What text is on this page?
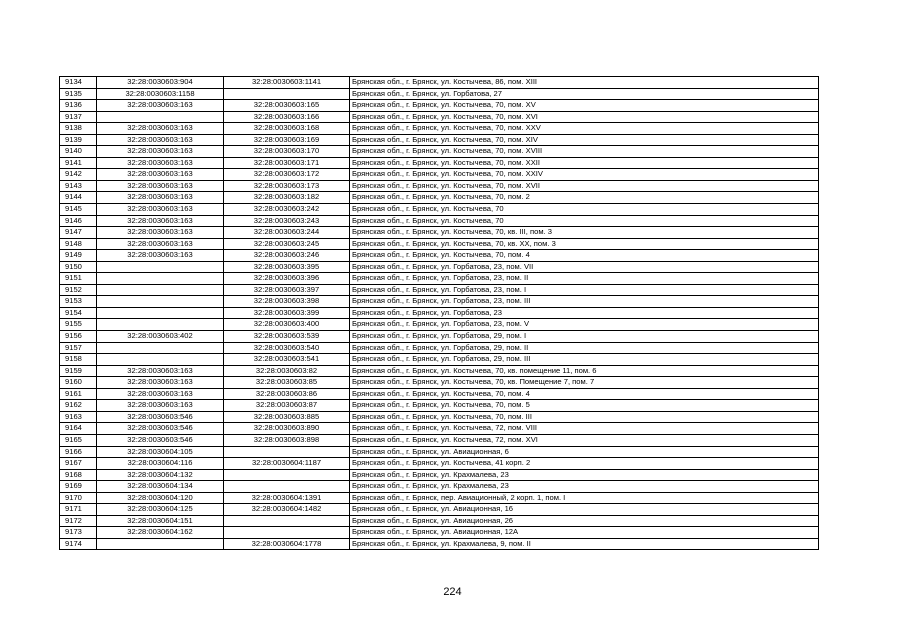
9134	32:28:0030603:904	32:28:0030603:1141	Брянская обл., г. Брянск, ул. Костычева, 86, пом. XIII
9135	32:28:0030603:1158		Брянская обл., г. Брянск, ул. Горбатова, 27
9136	32:28:0030603:163	32:28:0030603:165	Брянская обл., г. Брянск, ул. Костычева, 70, пом. XV
9137		32:28:0030603:166	Брянская обл., г. Брянск, ул. Костычева, 70, пом. XVI
9138	32:28:0030603:163	32:28:0030603:168	Брянская обл., г. Брянск, ул. Костычева, 70, пом. XXV
9139	32:28:0030603:163	32:28:0030603:169	Брянская обл., г. Брянск, ул. Костычева, 70, пом. XIV
9140	32:28:0030603:163	32:28:0030603:170	Брянская обл., г. Брянск, ул. Костычева, 70, пом. XVIII
9141	32:28:0030603:163	32:28:0030603:171	Брянская обл., г. Брянск, ул. Костычева, 70, пом. XXII
9142	32:28:0030603:163	32:28:0030603:172	Брянская обл., г. Брянск, ул. Костычева, 70, пом. XXIV
9143	32:28:0030603:163	32:28:0030603:173	Брянская обл., г. Брянск, ул. Костычева, 70, пом. XVII
9144	32:28:0030603:163	32:28:0030603:182	Брянская обл., г. Брянск, ул. Костычева, 70, пом. 2
9145	32:28:0030603:163	32:28:0030603:242	Брянская обл., г. Брянск, ул. Костычева, 70
9146	32:28:0030603:163	32:28:0030603:243	Брянская обл., г. Брянск, ул. Костычева, 70
9147	32:28:0030603:163	32:28:0030603:244	Брянская обл., г. Брянск, ул. Костычева, 70, кв. III, пом. 3
9148	32:28:0030603:163	32:28:0030603:245	Брянская обл., г. Брянск, ул. Костычева, 70, кв. XX, пом. 3
9149	32:28:0030603:163	32:28:0030603:246	Брянская обл., г. Брянск, ул. Костычева, 70, пом. 4
9150		32:28:0030603:395	Брянская обл., г. Брянск, ул. Горбатова, 23, пом. VII
9151		32:28:0030603:396	Брянская обл., г. Брянск, ул. Горбатова, 23, пом. II
9152		32:28:0030603:397	Брянская обл., г. Брянск, ул. Горбатова, 23, пом. I
9153		32:28:0030603:398	Брянская обл., г. Брянск, ул. Горбатова, 23, пом. III
9154		32:28:0030603:399	Брянская обл., г. Брянск, ул. Горбатова, 23
9155		32:28:0030603:400	Брянская обл., г. Брянск, ул. Горбатова, 23, пом. V
9156	32:28:0030603:402	32:28:0030603:539	Брянская обл., г. Брянск, ул. Горбатова, 29, пом. I
9157		32:28:0030603:540	Брянская обл., г. Брянск, ул. Горбатова, 29, пом. II
9158		32:28:0030603:541	Брянская обл., г. Брянск, ул. Горбатова, 29, пом. III
9159	32:28:0030603:163	32:28:0030603:82	Брянская обл., г. Брянск, ул. Костычева, 70, кв. помещение 11, пом. 6
9160	32:28:0030603:163	32:28:0030603:85	Брянская обл., г. Брянск, ул. Костычева, 70, кв. Помещение 7, пом. 7
9161	32:28:0030603:163	32:28:0030603:86	Брянская обл., г. Брянск, ул. Костычева, 70, пом. 4
9162	32:28:0030603:163	32:28:0030603:87	Брянская обл., г. Брянск, ул. Костычева, 70, пом. 5
9163	32:28:0030603:546	32:28:0030603:885	Брянская обл., г. Брянск, ул. Костычева, 70, пом. III
9164	32:28:0030603:546	32:28:0030603:890	Брянская обл., г. Брянск, ул. Костычева, 72, пом. VIII
9165	32:28:0030603:546	32:28:0030603:898	Брянская обл., г. Брянск, ул. Костычева, 72, пом. XVI
9166	32:28:0030604:105		Брянская обл., г. Брянск, ул. Авиационная, 6
9167	32:28:0030604:116	32:28:0030604:1187	Брянская обл., г. Брянск, ул. Костычева, 41 корп. 2
9168	32:28:0030604:132		Брянская обл., г. Брянск, ул. Крахмалева, 23
9169	32:28:0030604:134		Брянская обл., г. Брянск, ул. Крахмалева, 23
9170	32:28:0030604:120	32:28:0030604:1391	Брянская обл., г. Брянск, пер. Авиационный, 2 корп. 1, пом. I
9171	32:28:0030604:125	32:28:0030604:1482	Брянская обл., г. Брянск, ул. Авиационная, 16
9172	32:28:0030604:151		Брянская обл., г. Брянск, ул. Авиационная, 26
9173	32:28:0030604:162		Брянская обл., г. Брянск, ул. Авиационная, 12А
9174		32:28:0030604:1778	Брянская обл., г. Брянск, ул. Крахмалева, 9, пом. II
224
